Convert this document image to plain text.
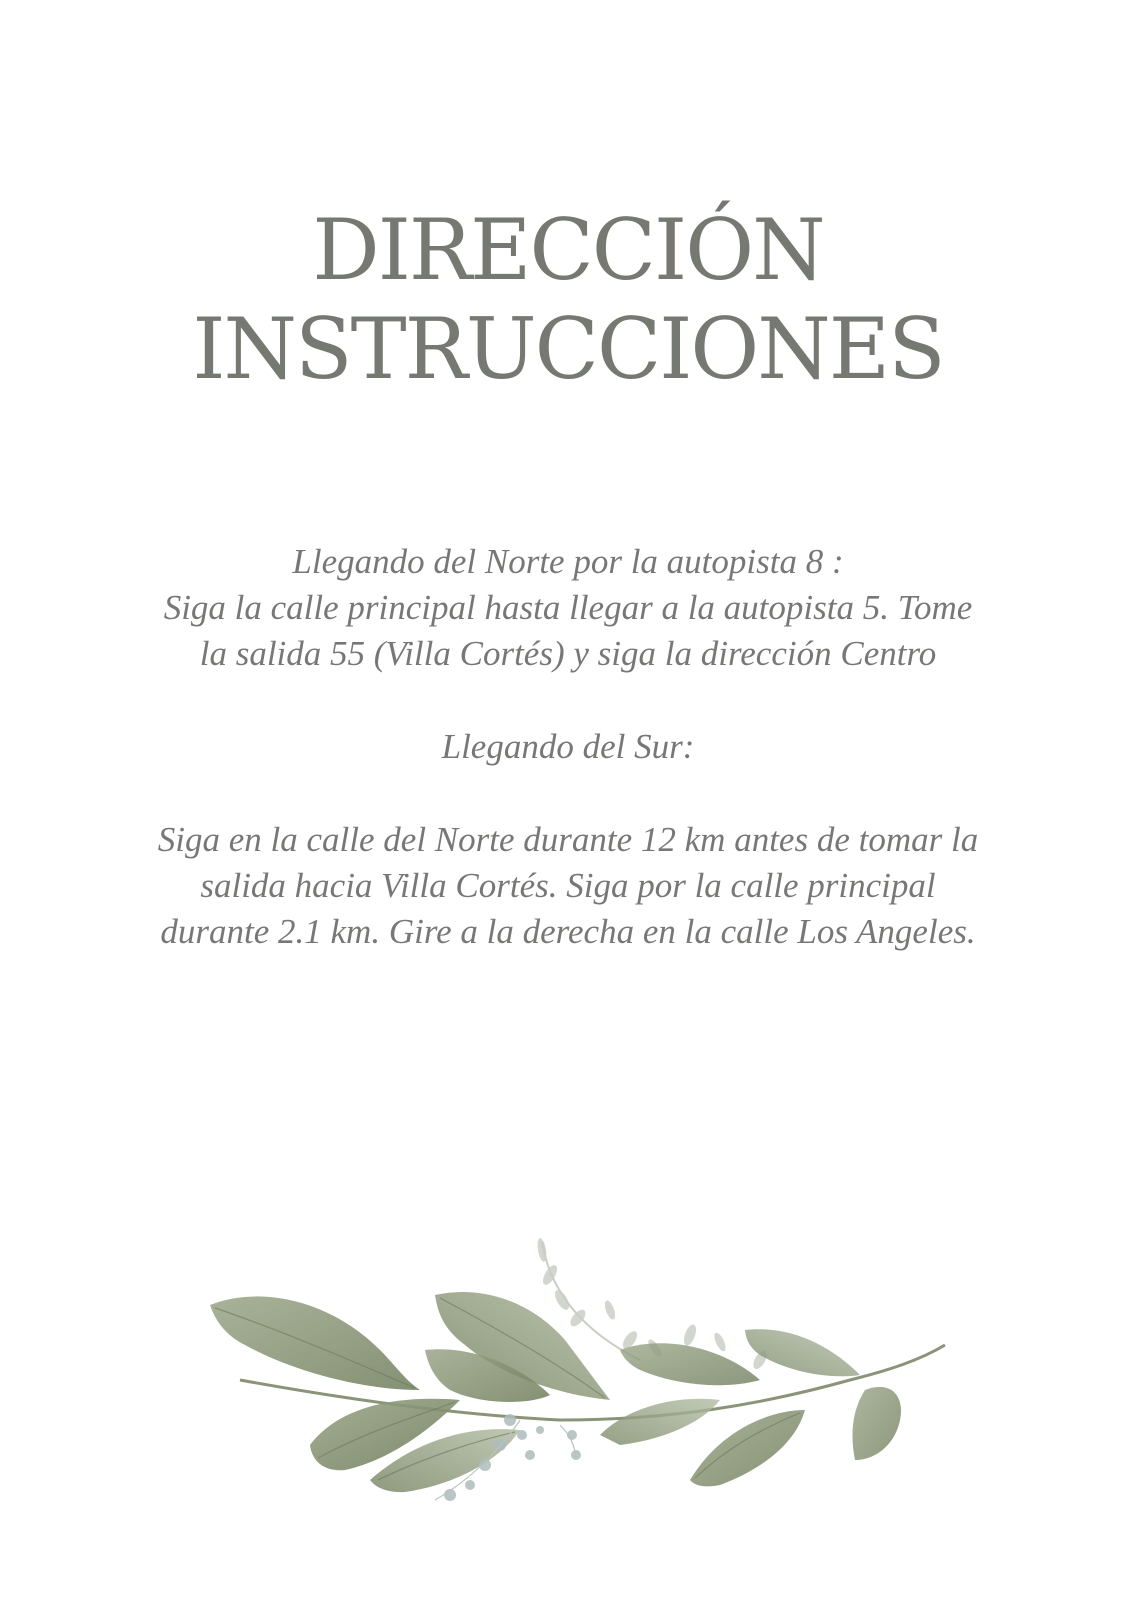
DIRECCIÓN
INSTRUCCIONES

Llegando del Norte por la autopista 8 :
Siga la calle principal hasta llegar a la autopista 5. Tome
la salida 55 (Villa Cortés) y siga la dirección Centro

Llegando del Sur:

Siga en la calle del Norte durante 12 km antes de tomar la
salida hacia Villa Cortés. Siga por la calle principal
durante 2.1 km. Gire a la derecha en la calle Los Angeles.
